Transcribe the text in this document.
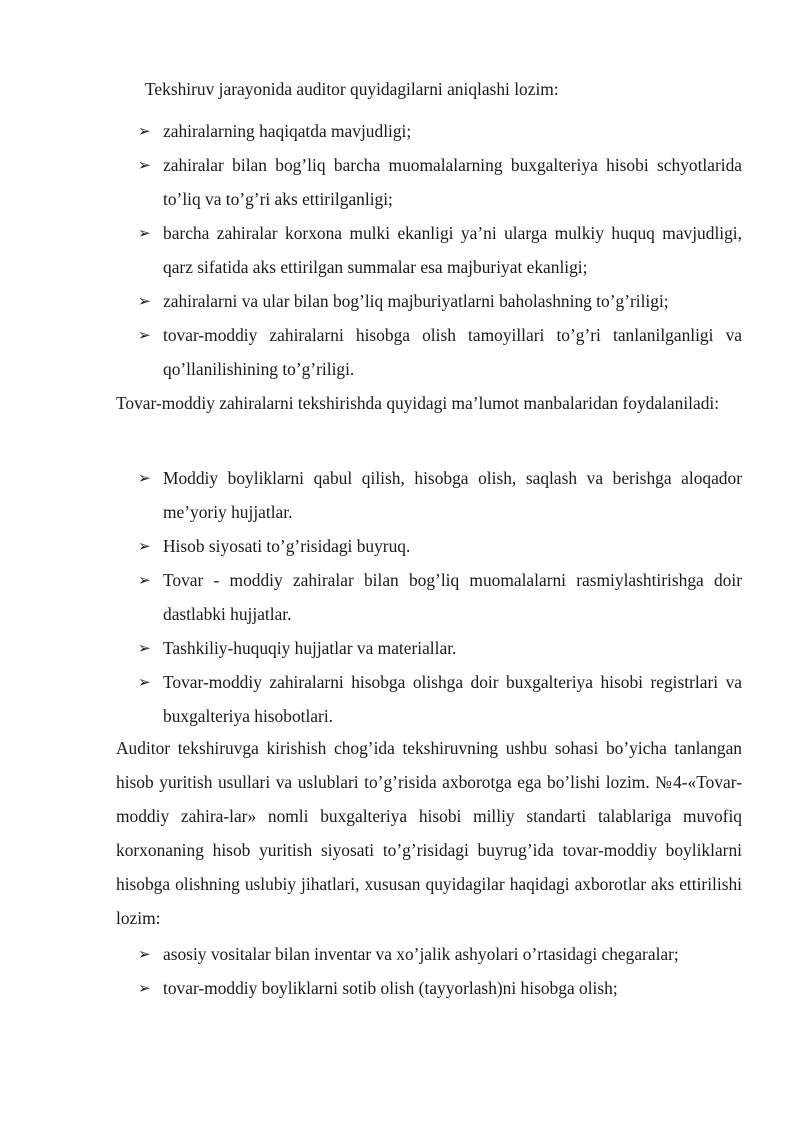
Tekshiruv jarayonida auditor quyidagilarni aniqlashi lozim:

➢ zahiralarning haqiqatda mavjudligi;
➢ zahiralar bilan bog’liq barcha muomalalarning buxgalteriya hisobi schyotlarida to’liq va to’g’ri aks ettirilganligi;
➢ barcha zahiralar korxona mulki ekanligi ya’ni ularga mulkiy huquq mavjudligi, qarz sifatida aks ettirilgan summalar esa majburiyat ekanligi;
➢ zahiralarni va ular bilan bog’liq majburiyatlarni baholashning to’g’riligi;
➢ tovar-moddiy zahiralarni hisobga olish tamoyillari to’g’ri tanlanilganligi va qo’llanilishining to’g’riligi.

Tovar-moddiy zahiralarni tekshirishda quyidagi ma’lumot manbalaridan foydalaniladi:

➢ Moddiy boyliklarni qabul qilish, hisobga olish, saqlash va berishga aloqador me’yoriy hujjatlar.
➢ Hisob siyosati to’g’risidagi buyruq.
➢ Tovar - moddiy zahiralar bilan bog’liq muomalalarni rasmiylashtirishga doir dastlabki hujjatlar.
➢ Tashkiliy-huquqiy hujjatlar va materiallar.
➢ Tovar-moddiy zahiralarni hisobga olishga doir buxgalteriya hisobi registrlari va buxgalteriya hisobotlari.

Auditor tekshiruvga kirishish chog’ida tekshiruvning ushbu sohasi bo’yicha tanlangan hisob yuritish usullari va uslublari to’g’risida axborotga ega bo’lishi lozim. №4-«Tovar-moddiy zahira-lar» nomli buxgalteriya hisobi milliy standarti talablariga muvofiq korxonaning hisob yuritish siyosati to’g’risidagi buyrug’ida tovar-moddiy boyliklarni hisobga olishning uslubiy jihatlari, xususan quyidagilar haqidagi axborotlar aks ettirilishi lozim:

➢ asosiy vositalar bilan inventar va xo’jalik ashyolari o’rtasidagi chegaralar;
➢ tovar-moddiy boyliklarni sotib olish (tayyorlash)ni hisobga olish;
